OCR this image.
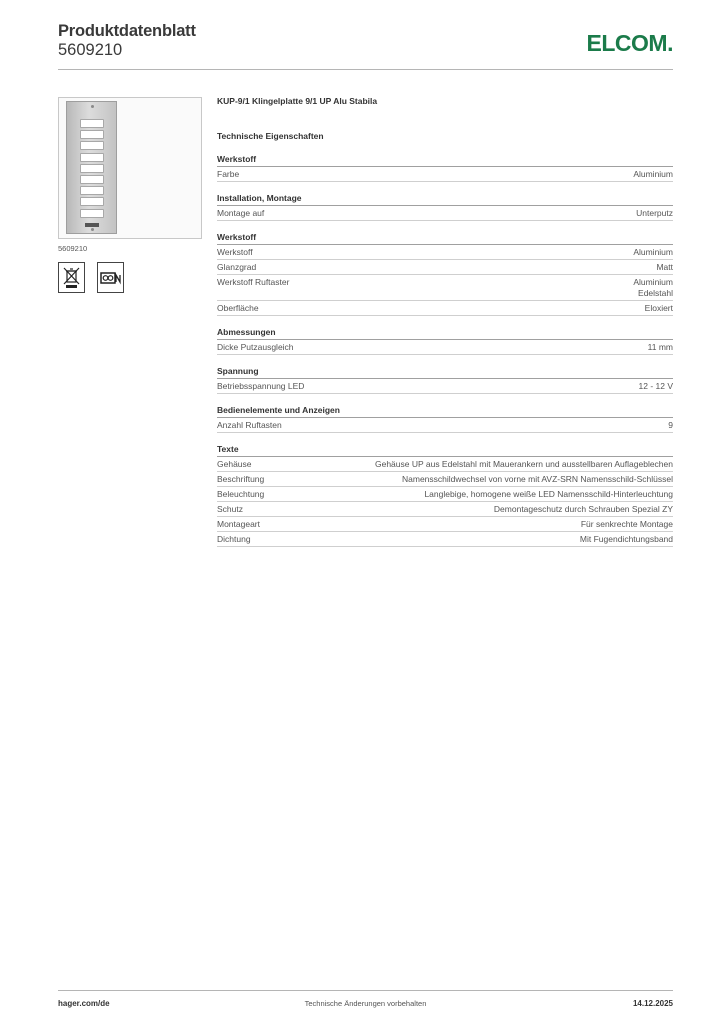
Produktdatenblatt
5609210	ELCOM.
5609210
KUP-9/1 Klingelplatte 9/1 UP Alu Stabila
Technische Eigenschaften
Werkstoff
Farbe	Aluminium
Installation, Montage
Montage auf	Unterputz
Werkstoff
Werkstoff	Aluminium
Glanzgrad	Matt
Werkstoff Ruftaster	Aluminium
Edelstahl
Oberfläche	Eloxiert
Abmessungen
Dicke Putzausgleich	11 mm
Spannung
Betriebsspannung LED	12 - 12 V
Bedienelemente und Anzeigen
Anzahl Ruftasten	9
Texte
Gehäuse	Gehäuse UP aus Edelstahl mit Mauerankern und ausstellbaren Auflageblechen
Beschriftung	Namensschildwechsel von vorne mit AVZ-SRN Namensschild-Schlüssel
Beleuchtung	Langlebige, homogene weiße LED Namensschild-Hinterleuchtung
Schutz	Demontageschutz durch Schrauben Spezial ZY
Montageart	Für senkrechte Montage
Dichtung	Mit Fugendichtungsband
hager.com/de	Technische Änderungen vorbehalten	14.12.2025
